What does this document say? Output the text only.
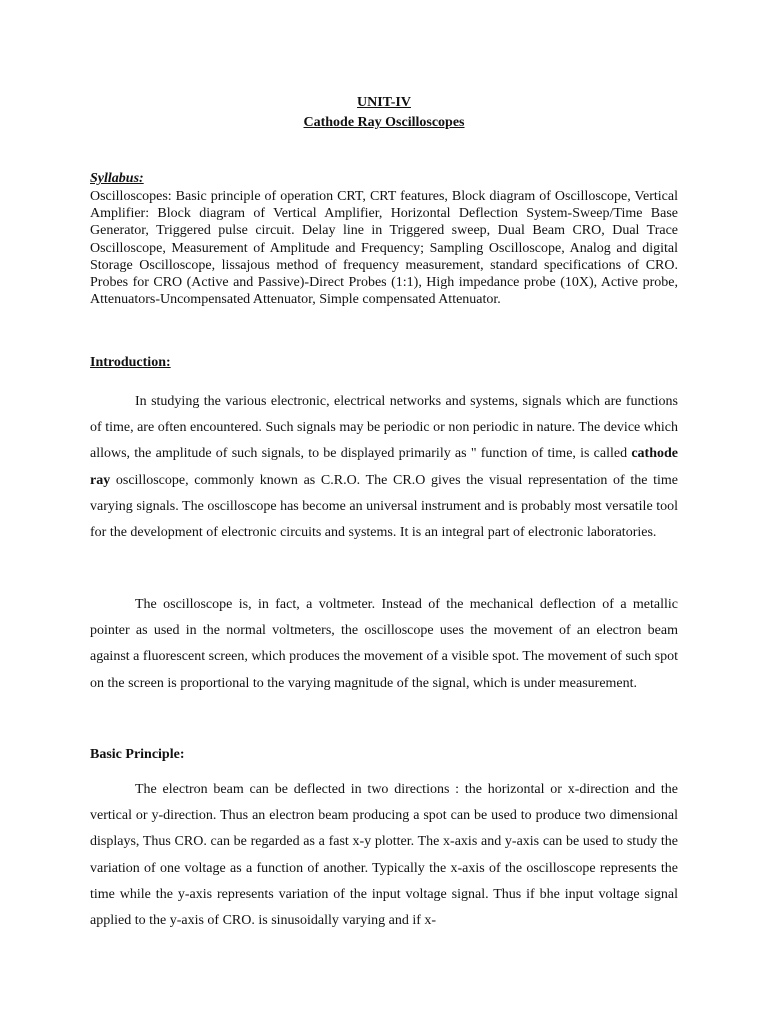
UNIT-IV
Cathode Ray Oscilloscopes
Syllabus:
Oscilloscopes: Basic principle of operation CRT, CRT features, Block diagram of Oscilloscope, Vertical Amplifier: Block diagram of Vertical Amplifier, Horizontal Deflection System-Sweep/Time Base Generator, Triggered pulse circuit. Delay line in Triggered sweep, Dual Beam CRO, Dual Trace Oscilloscope, Measurement of Amplitude and Frequency; Sampling Oscilloscope, Analog and digital Storage Oscilloscope, lissajous method of frequency measurement, standard specifications of CRO. Probes for CRO (Active and Passive)-Direct Probes (1:1), High impedance probe (10X), Active probe, Attenuators-Uncompensated Attenuator, Simple compensated Attenuator.
Introduction:

In studying the various electronic, electrical networks and systems, signals which are functions of time, are often encountered. Such signals may be periodic or non periodic in nature. The device which allows, the amplitude of such signals, to be displayed primarily as " function of time, is called cathode ray oscilloscope, commonly known as C.R.O. The CR.O gives the visual representation of the time varying signals. The oscilloscope has become an universal instrument and is probably most versatile tool for the development of electronic circuits and systems. It is an integral part of electronic laboratories.

The oscilloscope is, in fact, a voltmeter. Instead of the mechanical deflection of a metallic pointer as used in the normal voltmeters, the oscilloscope uses the movement of an electron beam against a fluorescent screen, which produces the movement of a visible spot. The movement of such spot on the screen is proportional to the varying magnitude of the signal, which is under measurement.

Basic Principle:

The electron beam can be deflected in two directions : the horizontal or x-direction and the vertical or y-direction. Thus an electron beam producing a spot can be used to produce two dimensional displays, Thus CRO. can be regarded as a fast x-y plotter. The x-axis and y-axis can be used to study the variation of one voltage as a function of another. Typically the x-axis of the oscilloscope represents the time while the y-axis represents variation of the input voltage signal. Thus if bhe input voltage signal applied to the y-axis of CRO. is sinusoidally varying and if x-
